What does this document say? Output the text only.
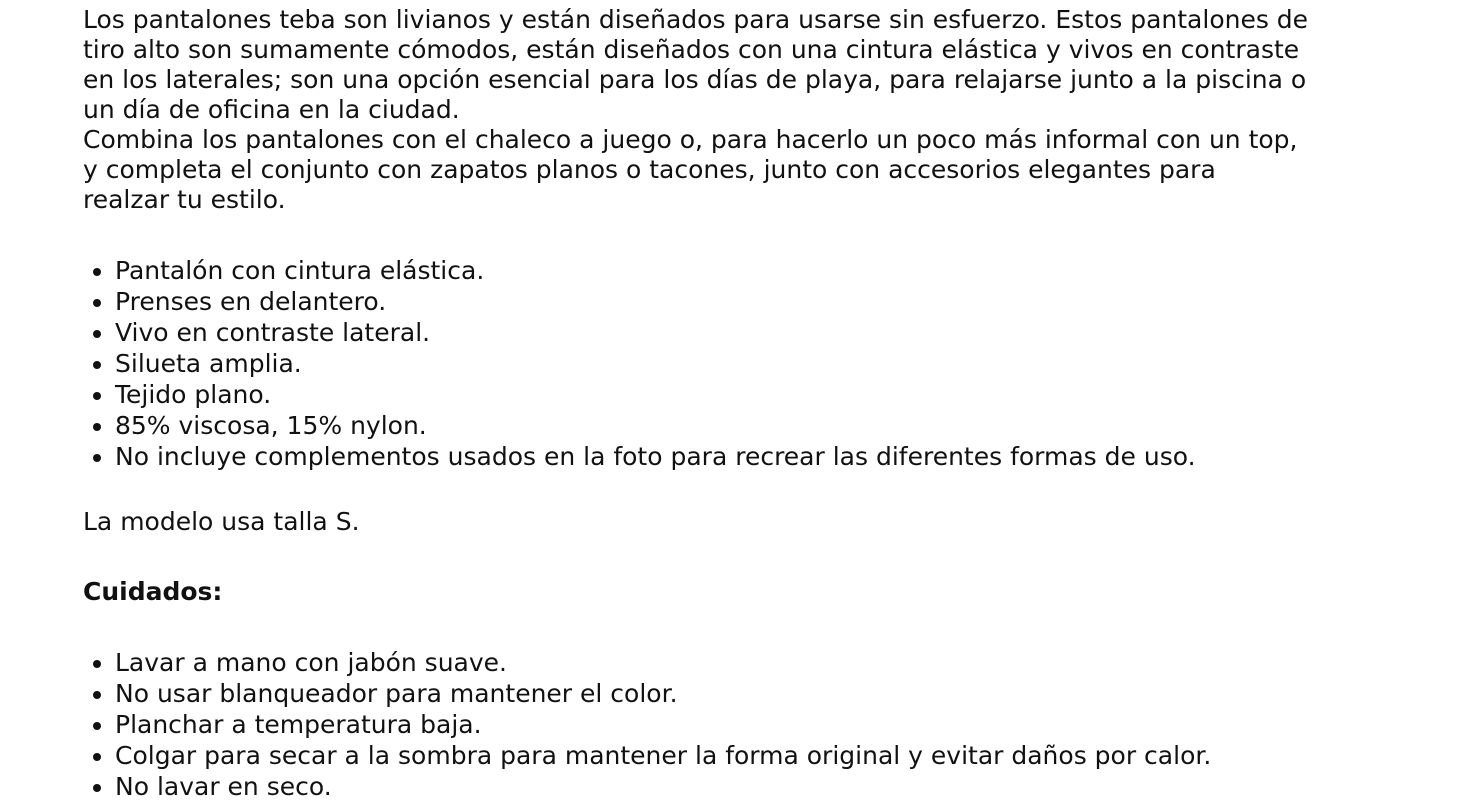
Los pantalones teba son livianos y están diseñados para usarse sin esfuerzo. Estos pantalones de

tiro alto son sumamente cómodos, están diseñados con una cintura elástica y vivos en contraste

en los laterales; son una opción esencial para los días de playa, para relajarse junto a la piscina o

un día de oficina en la ciudad.

Combina los pantalones con el chaleco a juego o, para hacerlo un poco más informal con un top,

y completa el conjunto con zapatos planos o tacones, junto con accesorios elegantes para

realzar tu estilo.

• Pantalón con cintura elástica.
• Prenses en delantero.
• Vivo en contraste lateral.
• Silueta amplia.
• Tejido plano.
• 85% viscosa, 15% nylon.
• No incluye complementos usados en la foto para recrear las diferentes formas de uso.

La modelo usa talla S.

Cuidados:

• Lavar a mano con jabón suave.
• No usar blanqueador para mantener el color.
• Planchar a temperatura baja.
• Colgar para secar a la sombra para mantener la forma original y evitar daños por calor.
• No lavar en seco.
